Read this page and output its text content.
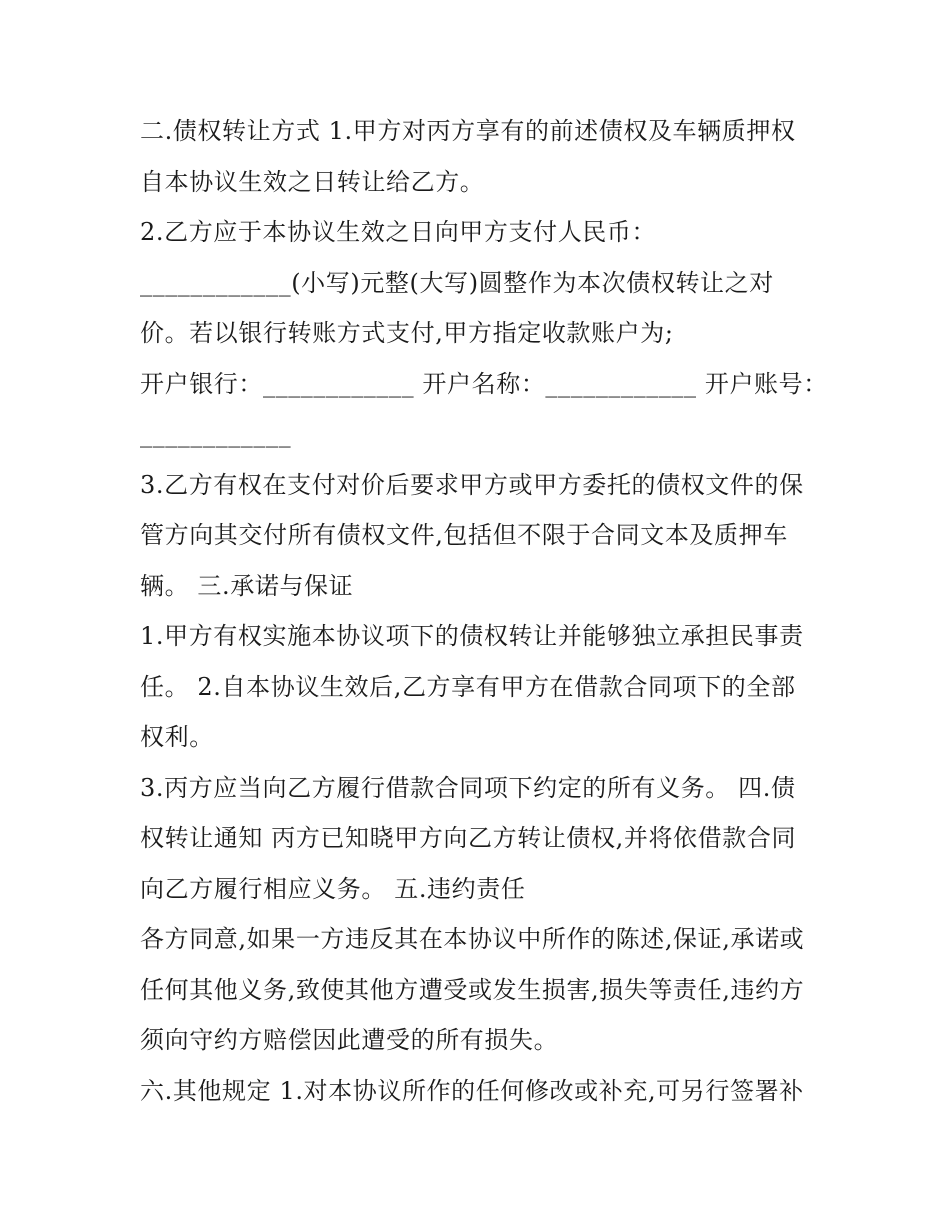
二.债权转让方式 1.甲方对丙方享有的前述债权及车辆质押权
自本协议生效之日转让给乙方。
2.乙方应于本协议生效之日向甲方支付人民币：
____________(小写)元整(大写)圆整作为本次债权转让之对
价。若以银行转账方式支付,甲方指定收款账户为;
开户银行：____________ 开户名称：____________ 开户账号：
____________
3.乙方有权在支付对价后要求甲方或甲方委托的债权文件的保
管方向其交付所有债权文件,包括但不限于合同文本及质押车
辆。 三.承诺与保证
1.甲方有权实施本协议项下的债权转让并能够独立承担民事责
任。 2.自本协议生效后,乙方享有甲方在借款合同项下的全部
权利。
3.丙方应当向乙方履行借款合同项下约定的所有义务。 四.债
权转让通知 丙方已知晓甲方向乙方转让债权,并将依借款合同
向乙方履行相应义务。 五.违约责任
各方同意,如果一方违反其在本协议中所作的陈述,保证,承诺或
任何其他义务,致使其他方遭受或发生损害,损失等责任,违约方
须向守约方赔偿因此遭受的所有损失。
六.其他规定 1.对本协议所作的任何修改或补充,可另行签署补
